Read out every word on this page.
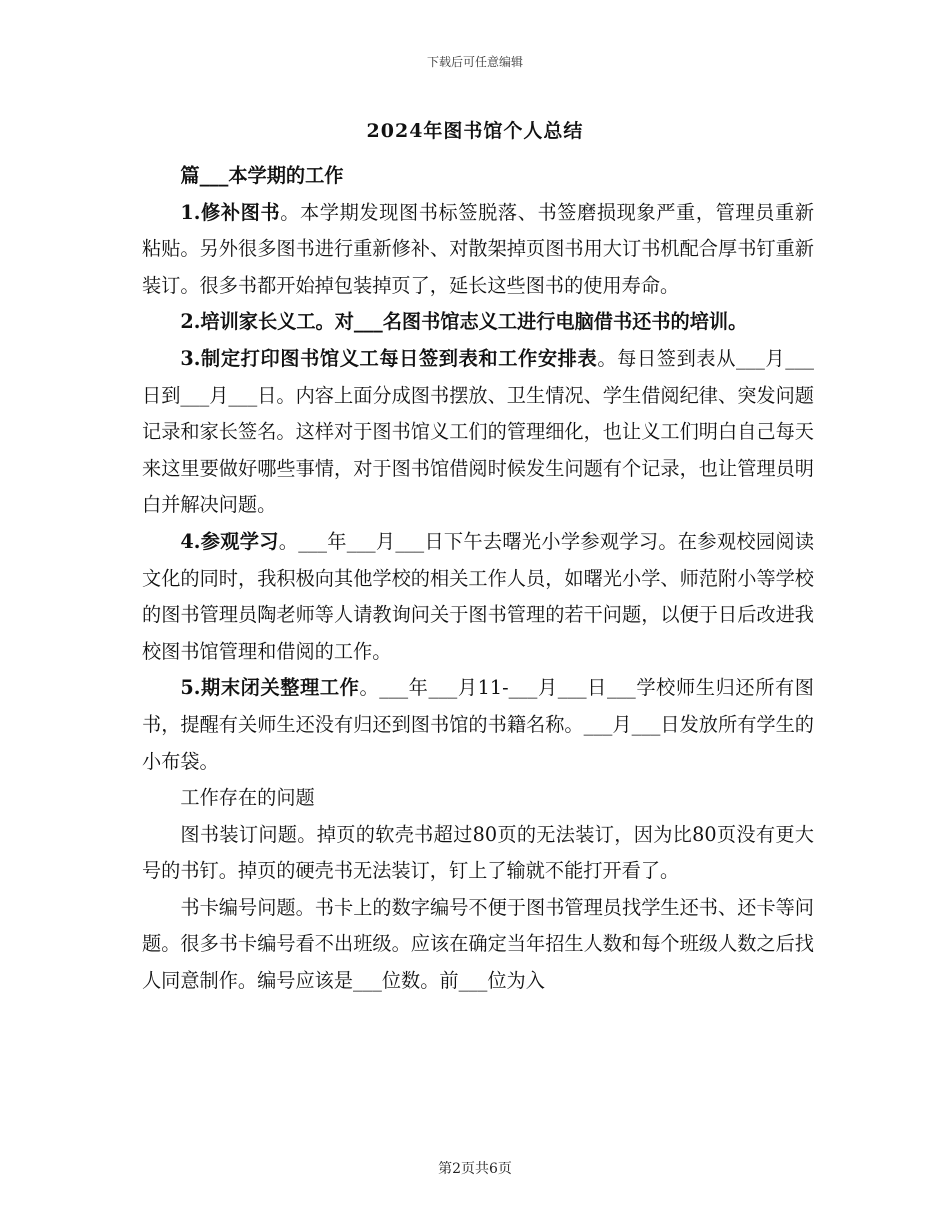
下载后可任意编辑
2024年图书馆个人总结

篇___本学期的工作

1.修补图书。本学期发现图书标签脱落、书签磨损现象严重，管理员重新粘贴。另外很多图书进行重新修补、对散架掉页图书用大订书机配合厚书钉重新装订。很多书都开始掉包装掉页了，延长这些图书的使用寿命。

2.培训家长义工。对___名图书馆志义工进行电脑借书还书的培训。

3.制定打印图书馆义工每日签到表和工作安排表。每日签到表从___月___日到___月___日。内容上面分成图书摆放、卫生情况、学生借阅纪律、突发问题记录和家长签名。这样对于图书馆义工们的管理细化，也让义工们明白自己每天来这里要做好哪些事情，对于图书馆借阅时候发生问题有个记录，也让管理员明白并解决问题。

4.参观学习。___年___月___日下午去曙光小学参观学习。在参观校园阅读文化的同时，我积极向其他学校的相关工作人员，如曙光小学、师范附小等学校的图书管理员陶老师等人请教询问关于图书管理的若干问题，以便于日后改进我校图书馆管理和借阅的工作。

5.期末闭关整理工作。___年___月11-___月___日___学校师生归还所有图书，提醒有关师生还没有归还到图书馆的书籍名称。___月___日发放所有学生的小布袋。

工作存在的问题

图书装订问题。掉页的软壳书超过80页的无法装订，因为比80页没有更大号的书钉。掉页的硬壳书无法装订，钉上了输就不能打开看了。

书卡编号问题。书卡上的数字编号不便于图书管理员找学生还书、还卡等问题。很多书卡编号看不出班级。应该在确定当年招生人数和每个班级人数之后找人同意制作。编号应该是___位数。前___位为入

第2页共6页
